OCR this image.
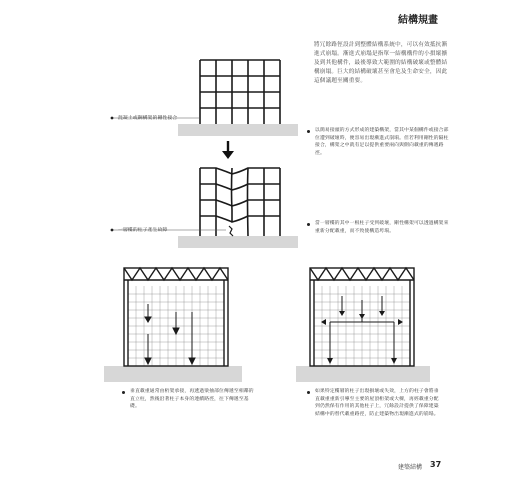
結構規畫
將冗餘路徑設計到整體結構系統中，可以有效抵抗漸進式崩塌。漸進式崩塌是指單一結構構件的小損壞擴及到其他構件，最後導致大範圍的結構破壞或整體結構崩塌。巨大的結構破壞甚至會危及生命安全，因此這個議題至關重要。
混凝土或鋼構架的剛性接合
以簡易接頭的方式形成的建築構架，當其中某個構件或接合部位遭到破壞時，便容易出現漸進式崩塌。但若利用剛性的隔柱接合，構架之中就有足以提供重要兩向與側向載重的傳遞路徑。
一層樓的柱子產生故障
當一層樓的其中一根柱子受到破壞，剛性構架可以透過構架來重新分配載重，而不致使構造垮塌。
垂直載重通常由桁架承接，再透過梁抽部位傳遞至相鄰的直立柱，然後沿著柱子本身的連續路徑，往下傳遞至基礎。
如果特定樓層的柱子出現損壞或失效，上方的柱子會將垂直載重重新引導至主要的屋頂桁架或大樑，再經載重分配到仍然保有作用的其他柱子上，冗餘設計提供了保障建築結構中的替代載重路徑，防止建築物出現漸進式的崩塌。
建築結構 37
